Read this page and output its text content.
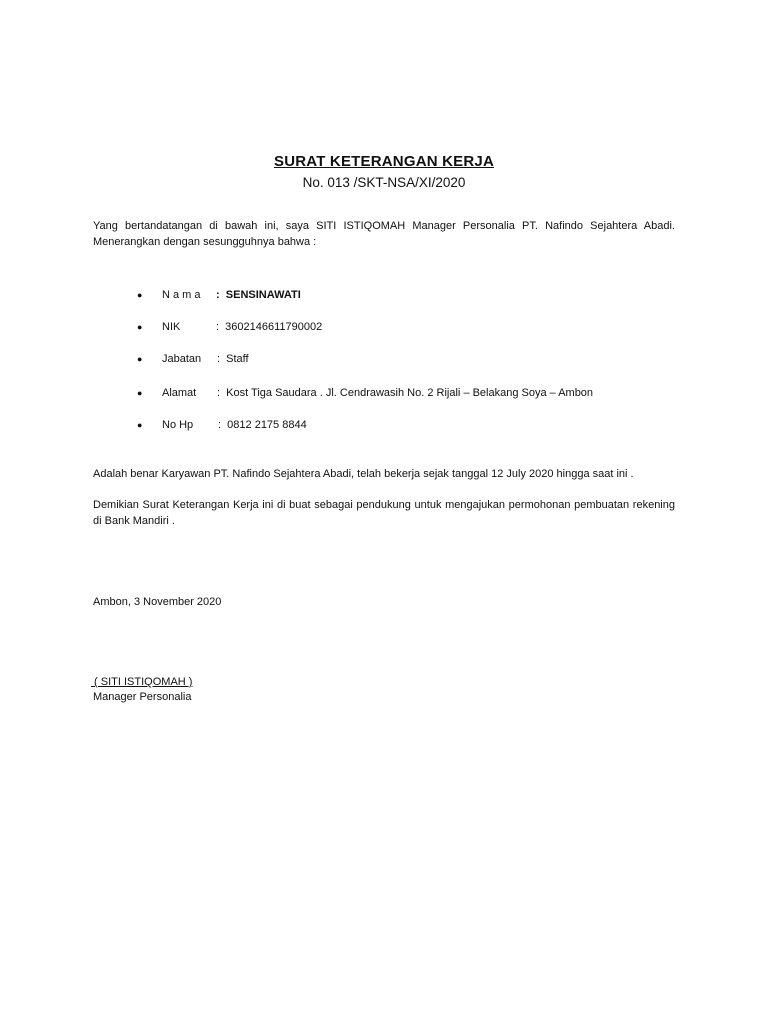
SURAT KETERANGAN KERJA
No. 013 /SKT-NSA/XI/2020
Yang bertandatangan di bawah ini, saya SITI ISTIQOMAH Manager Personalia PT. Nafindo Sejahtera Abadi. Menerangkan dengan sesungguhnya bahwa :
●	N a m a :  SENSINAWATI
●	NIK	:  3602146611790002
●	Jabatan :  Staff
●	Alamat :  Kost Tiga Saudara . Jl. Cendrawasih No. 2 Rijali – Belakang Soya – Ambon
●	No Hp :  0812 2175 8844
Adalah benar Karyawan PT. Nafindo Sejahtera Abadi, telah bekerja sejak tanggal 12 July 2020 hingga saat ini .
Demikian Surat Keterangan Kerja ini di buat sebagai pendukung untuk mengajukan permohonan pembuatan rekening di Bank Mandiri .
Ambon, 3 November 2020
( SITI ISTIQOMAH )
Manager Personalia
